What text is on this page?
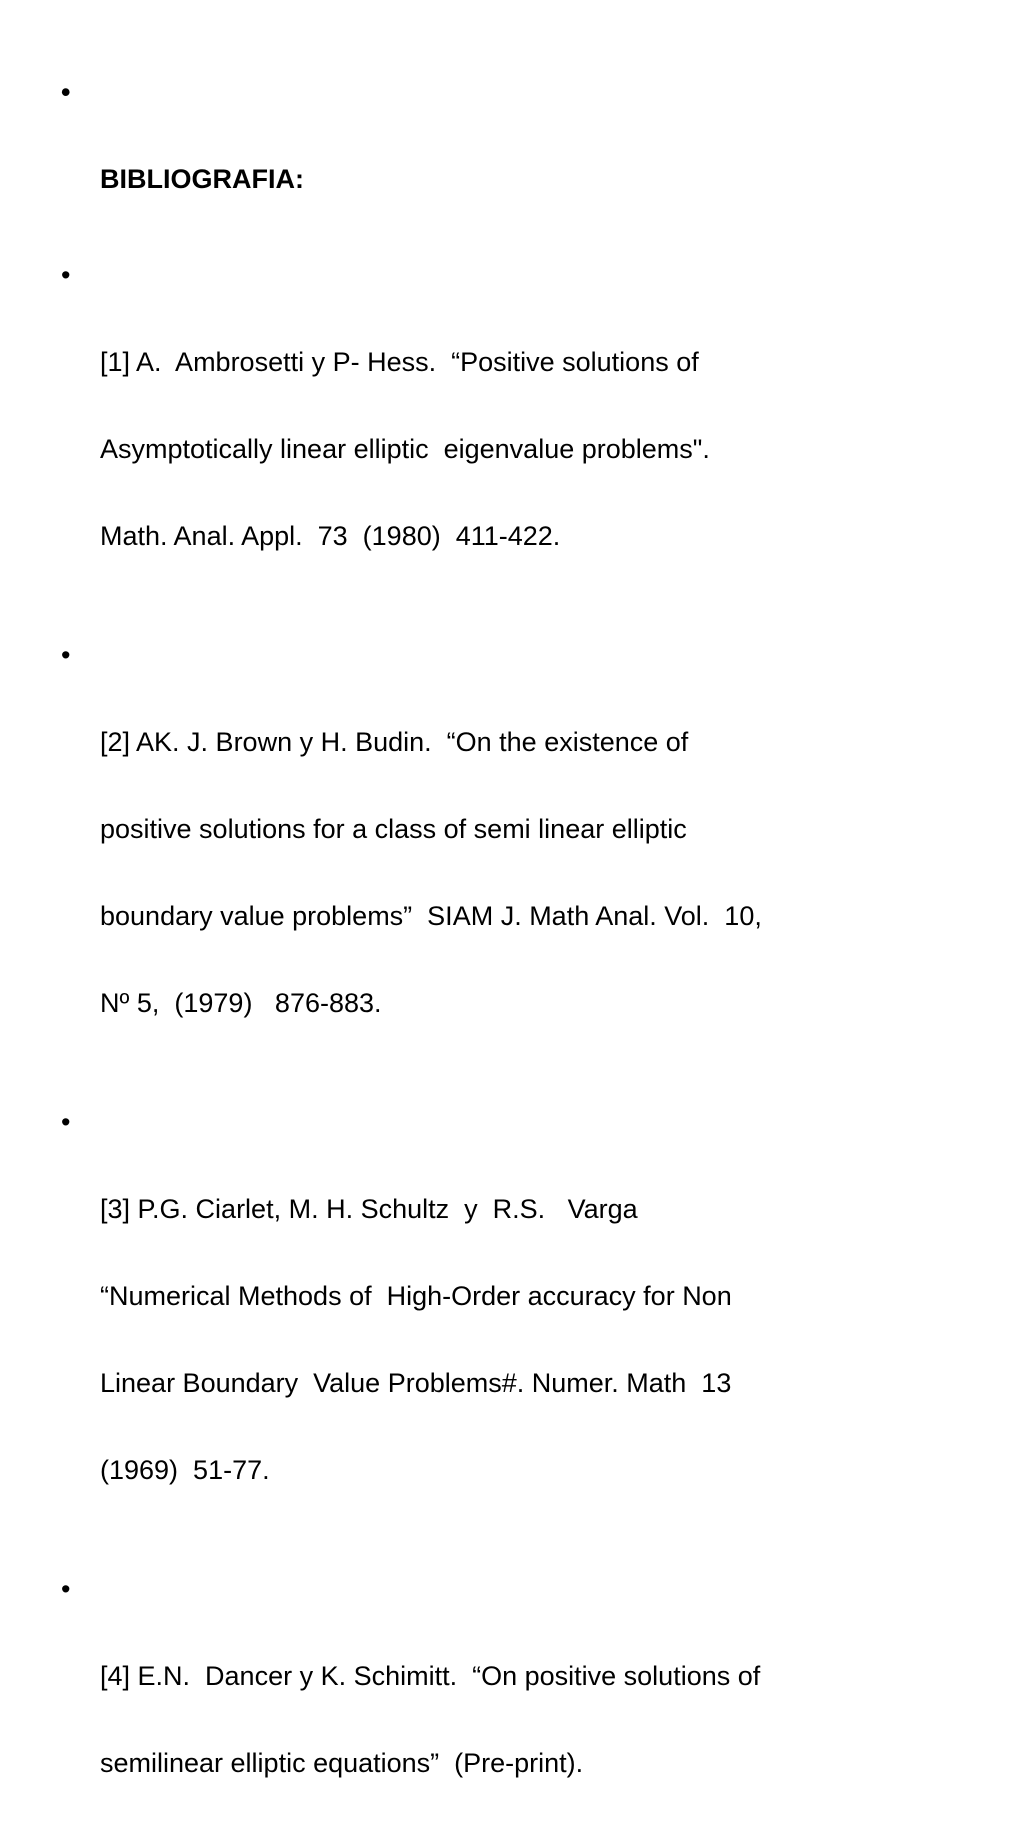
•

BIBLIOGRAFIA:

•

[1] A.  Ambrosetti y P- Hess.  “Positive solutions of

Asymptotically linear elliptic  eigenvalue problems".

Math. Anal. Appl.  73  (1980)  411-422.

•

[2] AK. J. Brown y H. Budin.  “On the existence of

positive solutions for a class of semi linear elliptic

boundary value problems”  SIAM J. Math Anal. Vol.  10,

Nº 5,  (1979)   876-883.

•

[3] P.G. Ciarlet, M. H. Schultz  y  R.S.   Varga

“Numerical Methods of  High-Order accuracy for Non

Linear Boundary  Value Problems#. Numer. Math  13

(1969)  51-77.

•

[4] E.N.  Dancer y K. Schimitt.  “On positive solutions of

semilinear elliptic equations”  (Pre-print).
